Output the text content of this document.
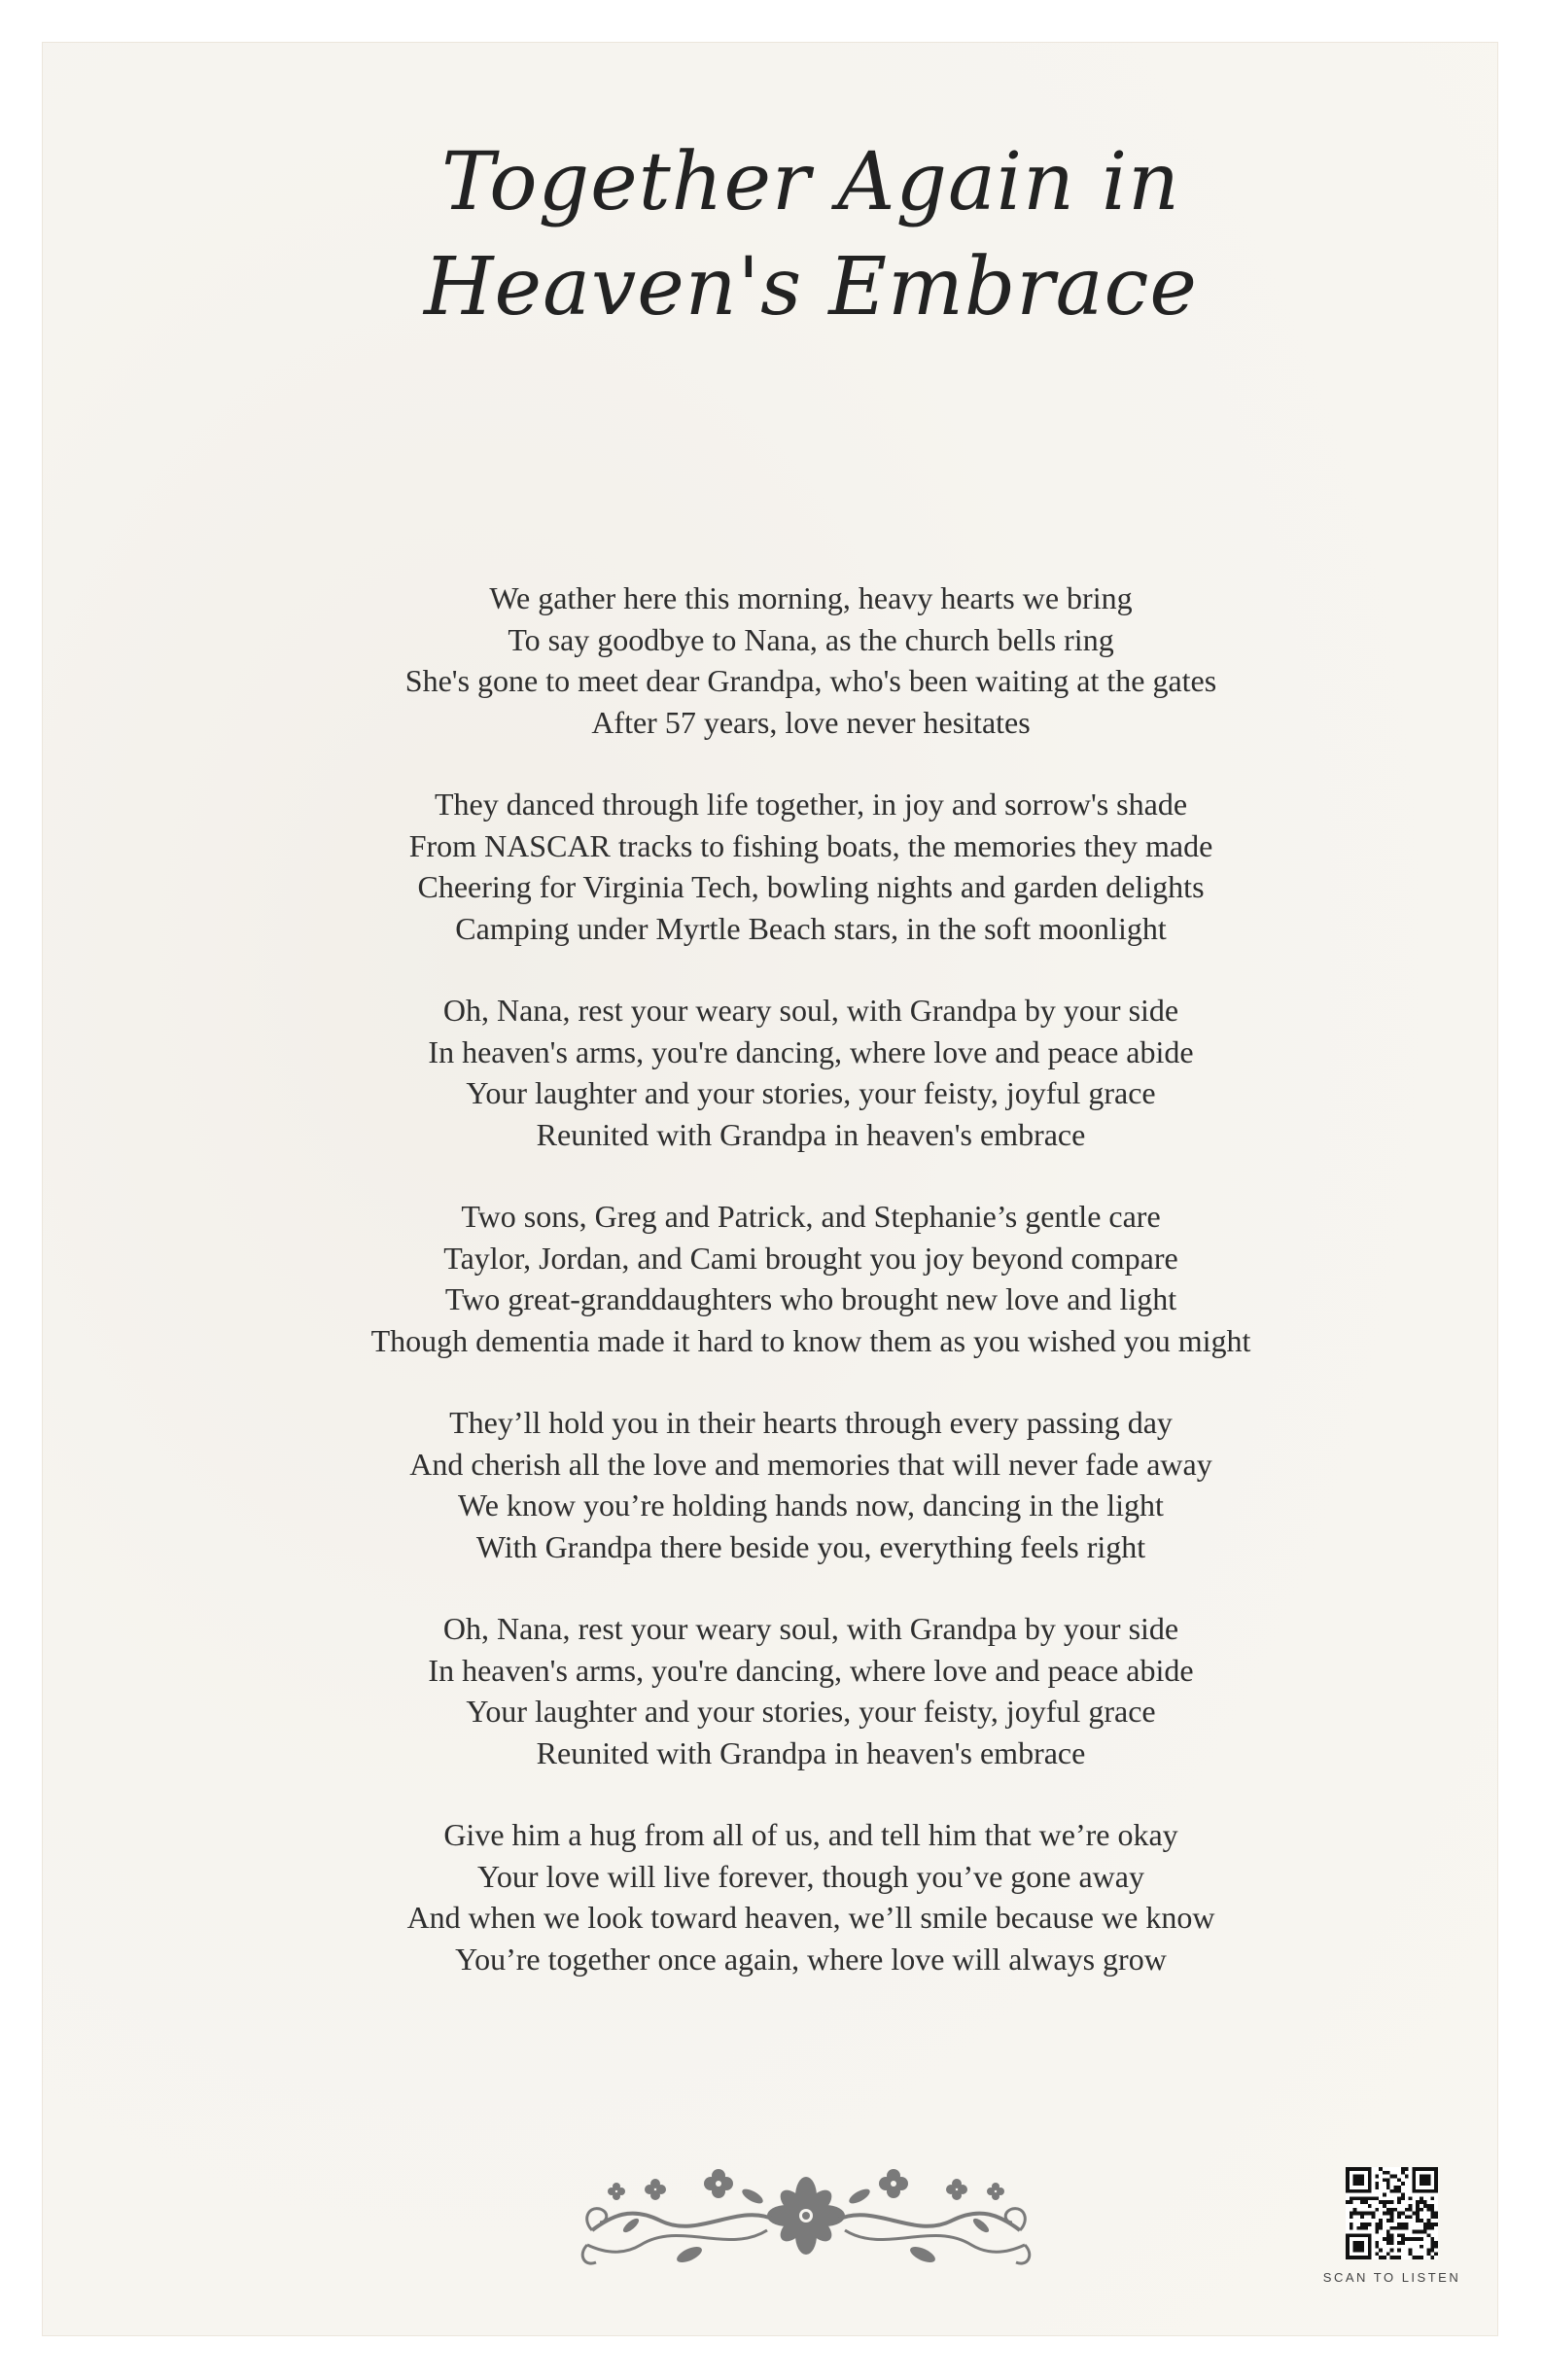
Together Again in Heaven's Embrace
We gather here this morning, heavy hearts we bring
To say goodbye to Nana, as the church bells ring
She's gone to meet dear Grandpa, who's been waiting at the gates
After 57 years, love never hesitates
They danced through life together, in joy and sorrow's shade
From NASCAR tracks to fishing boats, the memories they made
Cheering for Virginia Tech, bowling nights and garden delights
Camping under Myrtle Beach stars, in the soft moonlight
Oh, Nana, rest your weary soul, with Grandpa by your side
In heaven's arms, you're dancing, where love and peace abide
Your laughter and your stories, your feisty, joyful grace
Reunited with Grandpa in heaven's embrace
Two sons, Greg and Patrick, and Stephanie’s gentle care
Taylor, Jordan, and Cami brought you joy beyond compare
Two great-granddaughters who brought new love and light
Though dementia made it hard to know them as you wished you might
They’ll hold you in their hearts through every passing day
And cherish all the love and memories that will never fade away
We know you’re holding hands now, dancing in the light
With Grandpa there beside you, everything feels right
Oh, Nana, rest your weary soul, with Grandpa by your side
In heaven's arms, you're dancing, where love and peace abide
Your laughter and your stories, your feisty, joyful grace
Reunited with Grandpa in heaven's embrace
Give him a hug from all of us, and tell him that we’re okay
Your love will live forever, though you’ve gone away
And when we look toward heaven, we’ll smile because we know
You’re together once again, where love will always grow
SCAN TO LISTEN
